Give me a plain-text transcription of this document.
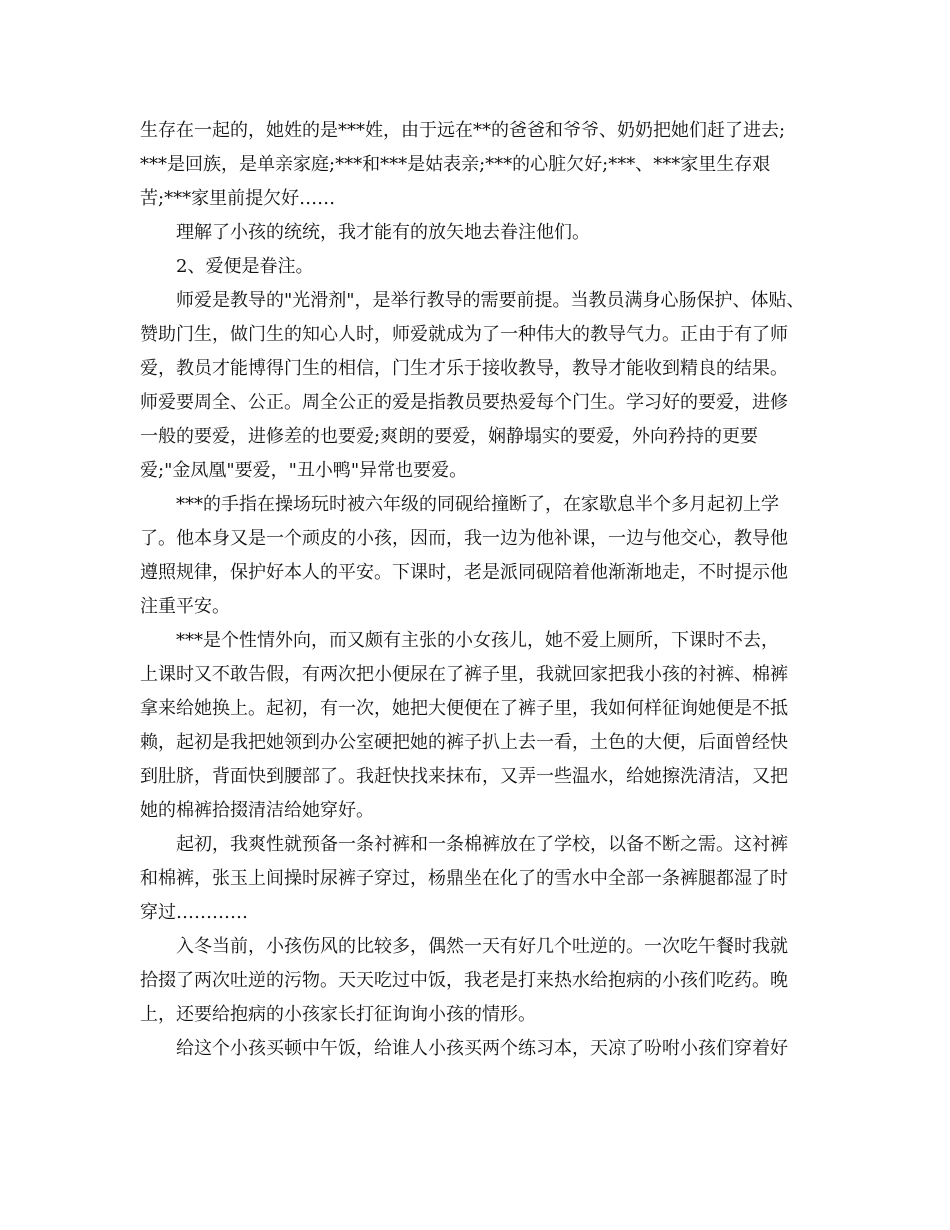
生存在一起的，她姓的是***姓，由于远在**的爸爸和爷爷、奶奶把她们赶了进去;
***是回族，是单亲家庭;***和***是姑表亲;***的心脏欠好;***、***家里生存艰
苦;***家里前提欠好……
理解了小孩的统统，我才能有的放矢地去眷注他们。
2、爱便是眷注。
师爱是教导的"光滑剂"，是举行教导的需要前提。当教员满身心肠保护、体贴、
赞助门生，做门生的知心人时，师爱就成为了一种伟大的教导气力。正由于有了师
爱，教员才能博得门生的相信，门生才乐于接收教导，教导才能收到精良的结果。
师爱要周全、公正。周全公正的爱是指教员要热爱每个门生。学习好的要爱，进修
一般的要爱，进修差的也要爱;爽朗的要爱，娴静塌实的要爱，外向矜持的更要
爱;"金凤凰"要爱，"丑小鸭"异常也要爱。
***的手指在操场玩时被六年级的同砚给撞断了，在家歇息半个多月起初上学
了。他本身又是一个顽皮的小孩，因而，我一边为他补课，一边与他交心，教导他
遵照规律，保护好本人的平安。下课时，老是派同砚陪着他渐渐地走，不时提示他
注重平安。
***是个性情外向，而又颇有主张的小女孩儿，她不爱上厕所，下课时不去，
上课时又不敢告假，有两次把小便尿在了裤子里，我就回家把我小孩的衬裤、棉裤
拿来给她换上。起初，有一次，她把大便便在了裤子里，我如何样征询她便是不抵
赖，起初是我把她领到办公室硬把她的裤子扒上去一看，土色的大便，后面曾经快
到肚脐，背面快到腰部了。我赶快找来抹布，又弄一些温水，给她擦洗清洁，又把
她的棉裤拾掇清洁给她穿好。
起初，我爽性就预备一条衬裤和一条棉裤放在了学校，以备不断之需。这衬裤
和棉裤，张玉上间操时尿裤子穿过，杨鼎坐在化了的雪水中全部一条裤腿都湿了时
穿过…………
入冬当前，小孩伤风的比较多，偶然一天有好几个吐逆的。一次吃午餐时我就
拾掇了两次吐逆的污物。天天吃过中饭，我老是打来热水给抱病的小孩们吃药。晚
上，还要给抱病的小孩家长打征询询小孩的情形。
给这个小孩买顿中午饭，给谁人小孩买两个练习本，天凉了吩咐小孩们穿着好
